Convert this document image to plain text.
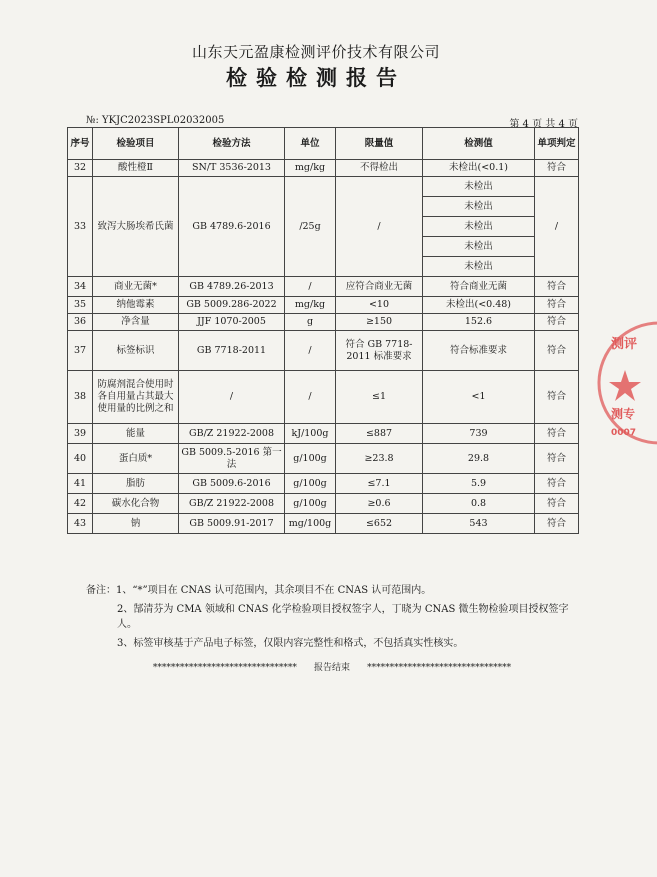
山东天元盈康检测评价技术有限公司
检验检测报告
№: YKJC2023SPL02032005	第 4 页 共 4 页
序号	检验项目	检验方法	单位	限量值	检测值	单项判定
32	酸性橙Ⅱ	SN/T 3536-2013	mg/kg	不得检出	未检出(<0.1)	符合
33	致泻大肠埃希氏菌	GB 4789.6-2016	/25g	/	未检出	/
					未检出	
					未检出	
					未检出	
					未检出	
34	商业无菌*	GB 4789.26-2013	/	应符合商业无菌	符合商业无菌	符合
35	纳他霉素	GB 5009.286-2022	mg/kg	<10	未检出(<0.48)	符合
36	净含量	JJF 1070-2005	g	≥150	152.6	符合
37	标签标识	GB 7718-2011	/	符合 GB 7718-2011 标准要求	符合标准要求	符合
38	防腐剂混合使用时各自用量占其最大使用量的比例之和	/	/	≤1	<1	符合
39	能量	GB/Z 21922-2008	kJ/100g	≤887	739	符合
40	蛋白质*	GB 5009.5-2016 第一法	g/100g	≥23.8	29.8	符合
41	脂肪	GB 5009.6-2016	g/100g	≤7.1	5.9	符合
42	碳水化合物	GB/Z 21922-2008	g/100g	≥0.6	0.8	符合
43	钠	GB 5009.91-2017	mg/100g	≤652	543	符合
备注：1、“*”项目在 CNAS 认可范围内，其余项目不在 CNAS 认可范围内。
2、郜清芬为 CMA 领域和 CNAS 化学检验项目授权签字人，丁晓为 CNAS 微生物检验项目授权签字人。
3、标签审核基于产品电子标签，仅限内容完整性和格式，不包括真实性核实。
******************************** 报告结束 ********************************
测评
测专
0007
